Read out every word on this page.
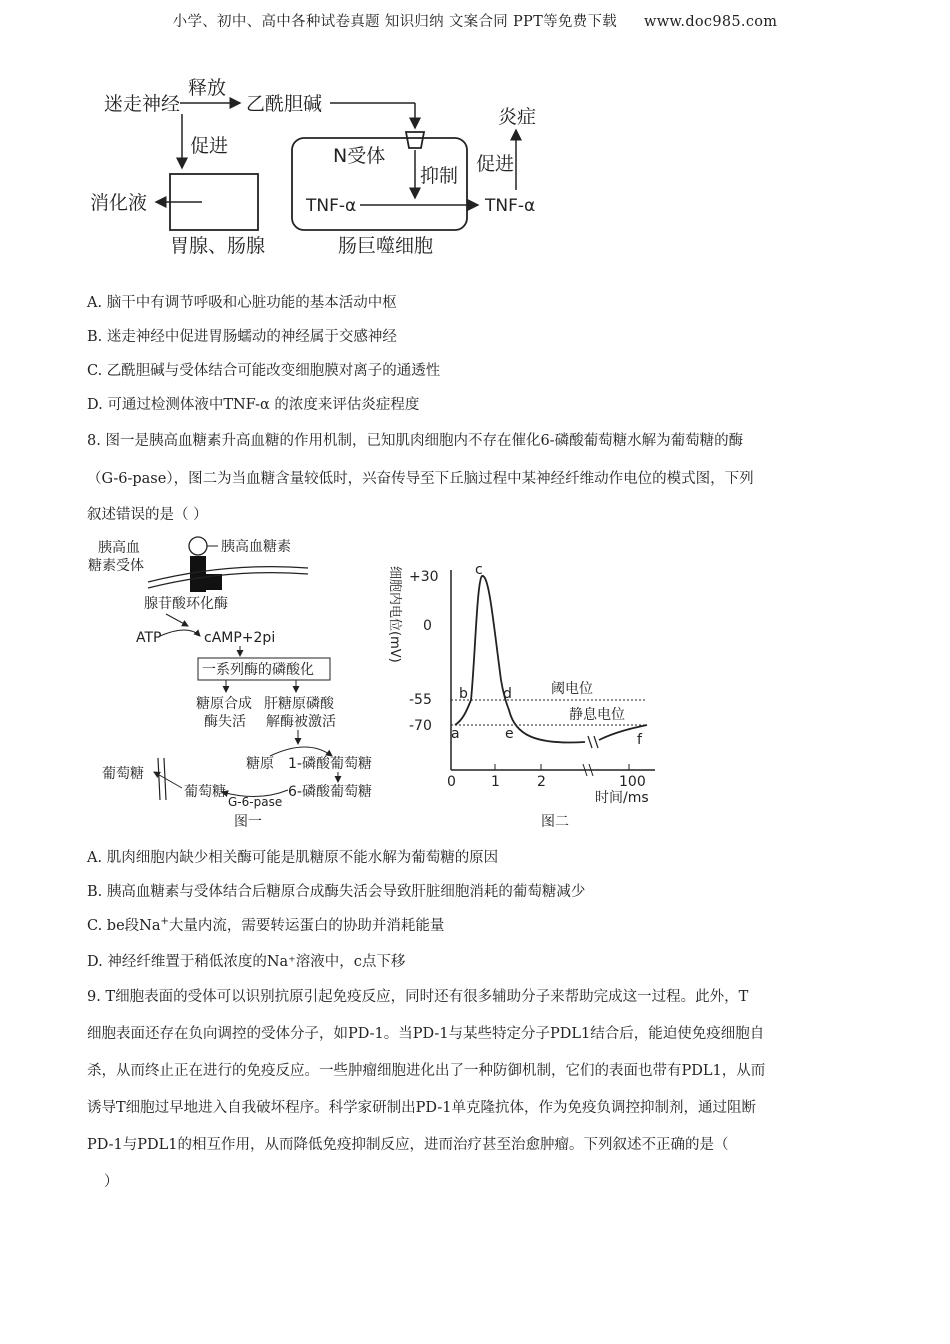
小学、初中、高中各种试卷真题 知识归纳 文案合同 PPT等免费下载 www.doc985.com
迷走神经
释放
乙酰胆碱
促进
消化液
胃腺、肠腺
N受体
抑制
TNF-α	TNF-α
促进
炎症
肠巨噬细胞
A. 脑干中有调节呼吸和心脏功能的基本活动中枢
B. 迷走神经中促进胃肠蠕动的神经属于交感神经
C. 乙酰胆碱与受体结合可能改变细胞膜对离子的通透性
D. 可通过检测体液中TNF-α 的浓度来评估炎症程度
8. 图一是胰高血糖素升高血糖的作用机制，已知肌肉细胞内不存在催化6-磷酸葡萄糖水解为葡萄糖的酶
（G-6-pase），图二为当血糖含量较低时，兴奋传导至下丘脑过程中某神经纤维动作电位的模式图，下列
叙述错误的是（ ）
胰高血糖素
胰高血
糖素受体
腺苷酸环化酶
ATP	cAMP+2pi
一系列酶的磷酸化
糖原合成
酶失活
肝糖原磷酸
解酶被激活
糖原 1-磷酸葡萄糖
6-磷酸葡萄糖
葡萄糖
G-6-pase
葡萄糖
图一
细胞内电位(mV) +30
0
-55
-70
阈电位
静息电位
a
b
c
d
e	f
0	1	2	100
时间/ms
图二
A. 肌肉细胞内缺少相关酶可能是肌糖原不能水解为葡萄糖的原因
B. 胰高血糖素与受体结合后糖原合成酶失活会导致肝脏细胞消耗的葡萄糖减少
C. be段Na+大量内流，需要转运蛋白的协助并消耗能量
D. 神经纤维置于稍低浓度的Na⁺溶液中，c点下移
9. T细胞表面的受体可以识别抗原引起免疫反应，同时还有很多辅助分子来帮助完成这一过程。此外，T
细胞表面还存在负向调控的受体分子，如PD-1。当PD-1与某些特定分子PDL1结合后，能迫使免疫细胞自
杀，从而终止正在进行的免疫反应。一些肿瘤细胞进化出了一种防御机制，它们的表面也带有PDL1，从而
诱导T细胞过早地进入自我破坏程序。科学家研制出PD-1单克隆抗体，作为免疫负调控抑制剂，通过阻断
PD-1与PDL1的相互作用，从而降低免疫抑制反应，进而治疗甚至治愈肿瘤。下列叙述不正确的是（
）
